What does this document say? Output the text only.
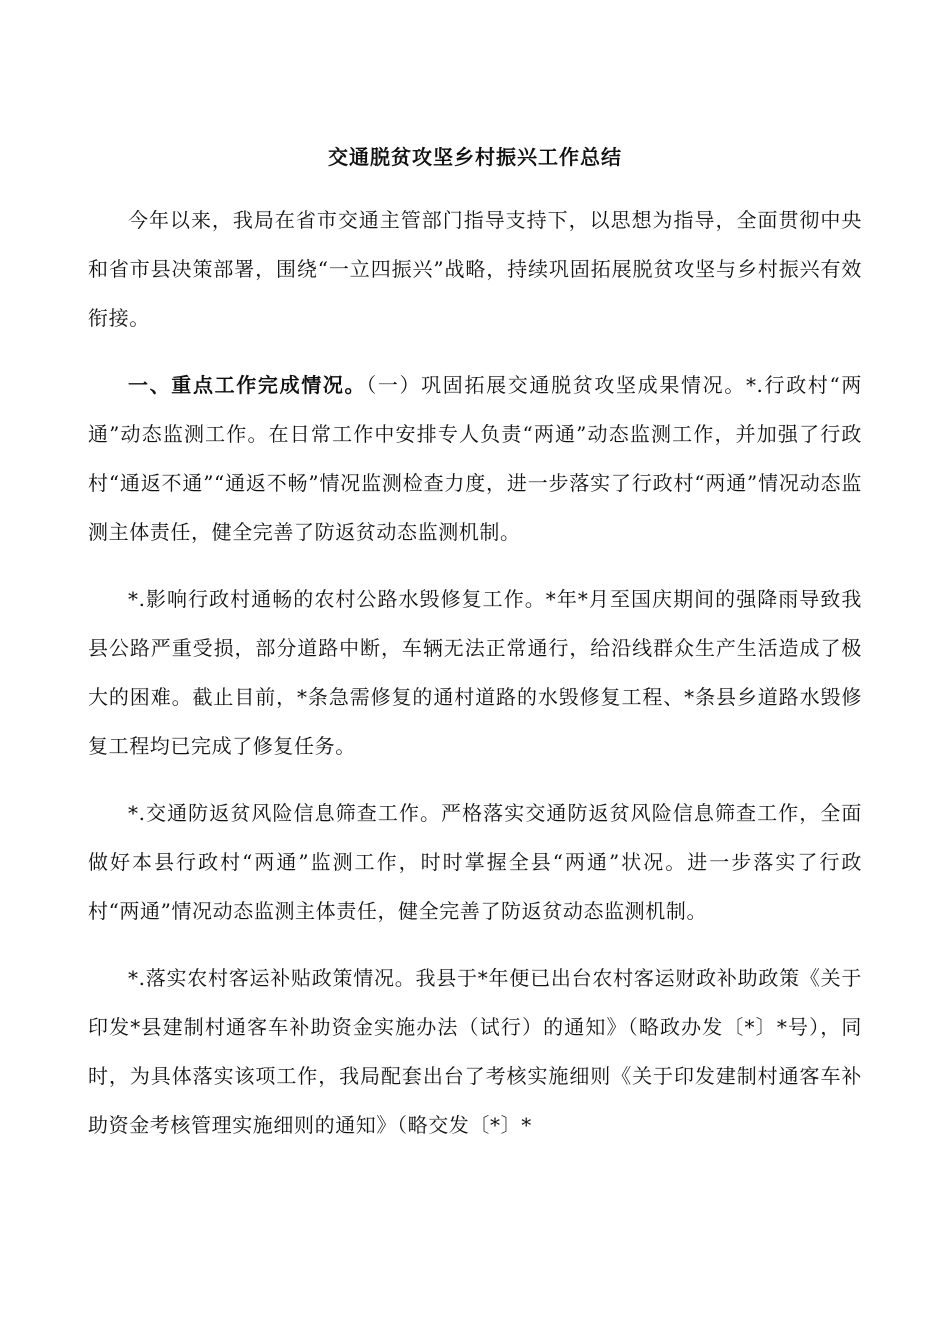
交通脱贫攻坚乡村振兴工作总结

今年以来，我局在省市交通主管部门指导支持下，以思想为指导，全面贯彻中央和省市县决策部署，围绕“一立四振兴”战略，持续巩固拓展脱贫攻坚与乡村振兴有效衔接。

一、重点工作完成情况。（一）巩固拓展交通脱贫攻坚成果情况。*.行政村“两通”动态监测工作。在日常工作中安排专人负责“两通”动态监测工作，并加强了行政村“通返不通”“通返不畅”情况监测检查力度，进一步落实了行政村“两通”情况动态监测主体责任，健全完善了防返贫动态监测机制。

*.影响行政村通畅的农村公路水毁修复工作。*年*月至国庆期间的强降雨导致我县公路严重受损，部分道路中断，车辆无法正常通行，给沿线群众生产生活造成了极大的困难。截止目前，*条急需修复的通村道路的水毁修复工程、*条县乡道路水毁修复工程均已完成了修复任务。

*.交通防返贫风险信息筛查工作。严格落实交通防返贫风险信息筛查工作，全面做好本县行政村“两通”监测工作，时时掌握全县“两通”状况。进一步落实了行政村“两通”情况动态监测主体责任，健全完善了防返贫动态监测机制。

*.落实农村客运补贴政策情况。我县于*年便已出台农村客运财政补助政策《关于印发*县建制村通客车补助资金实施办法（试行）的通知》（略政办发〔*〕*号），同时，为具体落实该项工作，我局配套出台了考核实施细则《关于印发建制村通客车补助资金考核管理实施细则的通知》（略交发〔*〕*
